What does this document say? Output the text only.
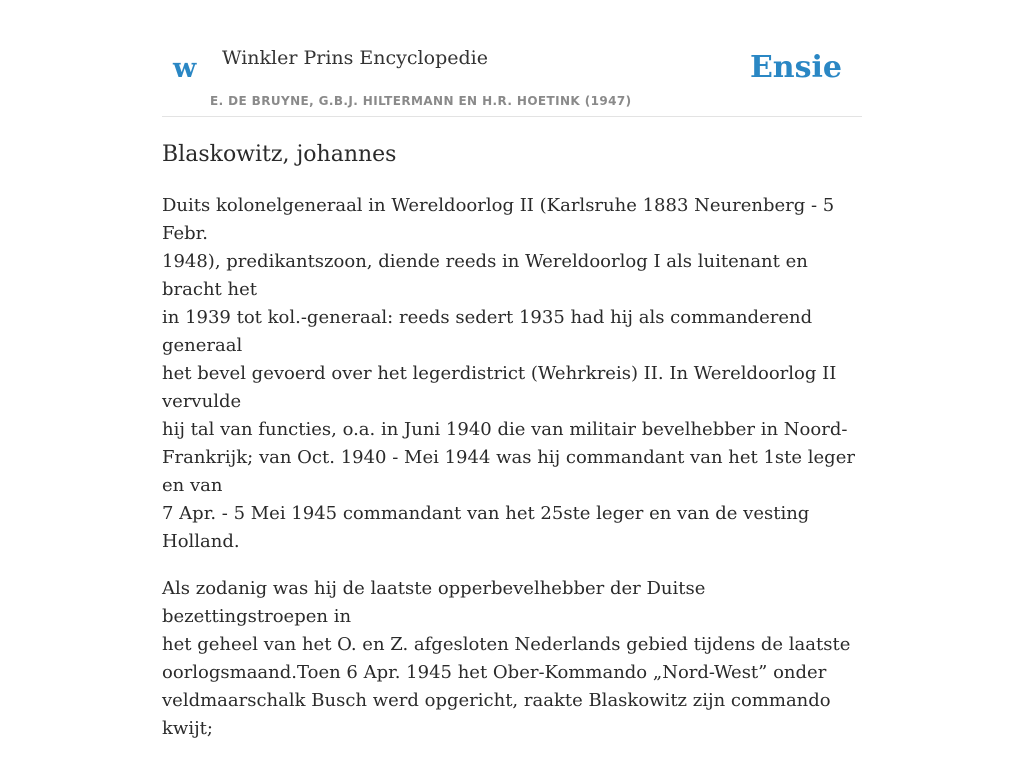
w Winkler Prins Encyclopedie
E. DE BRUYNE, G.B.J. HILTERMANN EN H.R. HOETINK (1947)
Ensie
Blaskowitz, johannes

Duits kolonelgeneraal in Wereldoorlog II (Karlsruhe 1883 Neurenberg - 5 Febr.
1948), predikantszoon, diende reeds in Wereldoorlog I als luitenant en bracht het
in 1939 tot kol.-generaal: reeds sedert 1935 had hij als commanderend generaal
het bevel gevoerd over het legerdistrict (Wehrkreis) II. In Wereldoorlog II vervulde
hij tal van functies, o.a. in Juni 1940 die van militair bevelhebber in Noord-
Frankrijk; van Oct. 1940 - Mei 1944 was hij commandant van het 1ste leger en van
7 Apr. - 5 Mei 1945 commandant van het 25ste leger en van de vesting Holland.

Als zodanig was hij de laatste opperbevelhebber der Duitse bezettingstroepen in
het geheel van het O. en Z. afgesloten Nederlands gebied tijdens de laatste
oorlogsmaand.Toen 6 Apr. 1945 het Ober-Kommando „Nord-West” onder
veldmaarschalk Busch werd opgericht, raakte Blaskowitz zijn commando kwijt;
